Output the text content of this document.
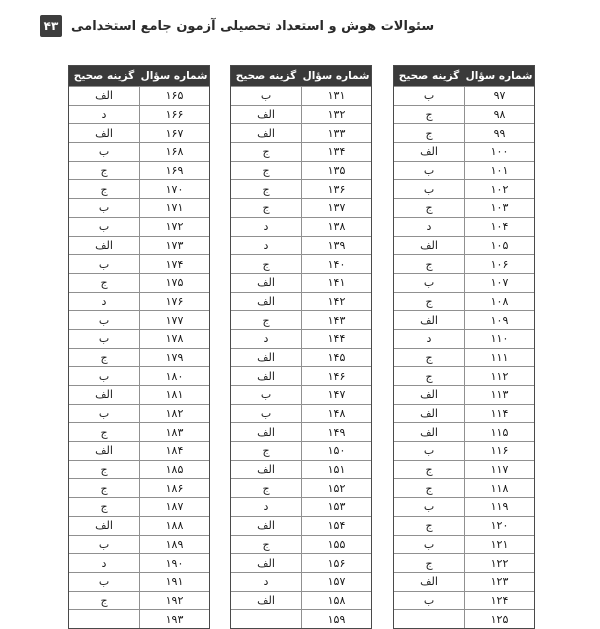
۴۳ سئوالات هوش و استعداد تحصیلی آزمون جامع استخدامی
شماره سؤال
گزینه صحیح
۹۷
ب
۹۸
ج
۹۹
ج
۱۰۰
الف
۱۰۱
ب
۱۰۲
ب
۱۰۳
ج
۱۰۴
د
۱۰۵
الف
۱۰۶
ج
۱۰۷
ب
۱۰۸
ج
۱۰۹
الف
۱۱۰
د
۱۱۱
ج
۱۱۲
ج
۱۱۳
الف
۱۱۴
الف
۱۱۵
الف
۱۱۶
ب
۱۱۷
ج
۱۱۸
ج
۱۱۹
ب
۱۲۰
ج
۱۲۱
ب
۱۲۲
ج
۱۲۳
الف
۱۲۴
ب
۱۲۵
شماره سؤال
گزینه صحیح
۱۳۱
ب
۱۳۲
الف
۱۳۳
الف
۱۳۴
ج
۱۳۵
ج
۱۳۶
ج
۱۳۷
ج
۱۳۸
د
۱۳۹
د
۱۴۰
ج
۱۴۱
الف
۱۴۲
الف
۱۴۳
ج
۱۴۴
د
۱۴۵
الف
۱۴۶
الف
۱۴۷
ب
۱۴۸
ب
۱۴۹
الف
۱۵۰
ج
۱۵۱
الف
۱۵۲
ج
۱۵۳
د
۱۵۴
الف
۱۵۵
ج
۱۵۶
الف
۱۵۷
د
۱۵۸
الف
۱۵۹
شماره سؤال
گزینه صحیح
۱۶۵
الف
۱۶۶
د
۱۶۷
الف
۱۶۸
ب
۱۶۹
ج
۱۷۰
ج
۱۷۱
ب
۱۷۲
ب
۱۷۳
الف
۱۷۴
ب
۱۷۵
ج
۱۷۶
د
۱۷۷
ب
۱۷۸
ب
۱۷۹
ج
۱۸۰
ب
۱۸۱
الف
۱۸۲
ب
۱۸۳
ج
۱۸۴
الف
۱۸۵
ج
۱۸۶
ج
۱۸۷
ج
۱۸۸
الف
۱۸۹
ب
۱۹۰
د
۱۹۱
ب
۱۹۲
ج
۱۹۳
